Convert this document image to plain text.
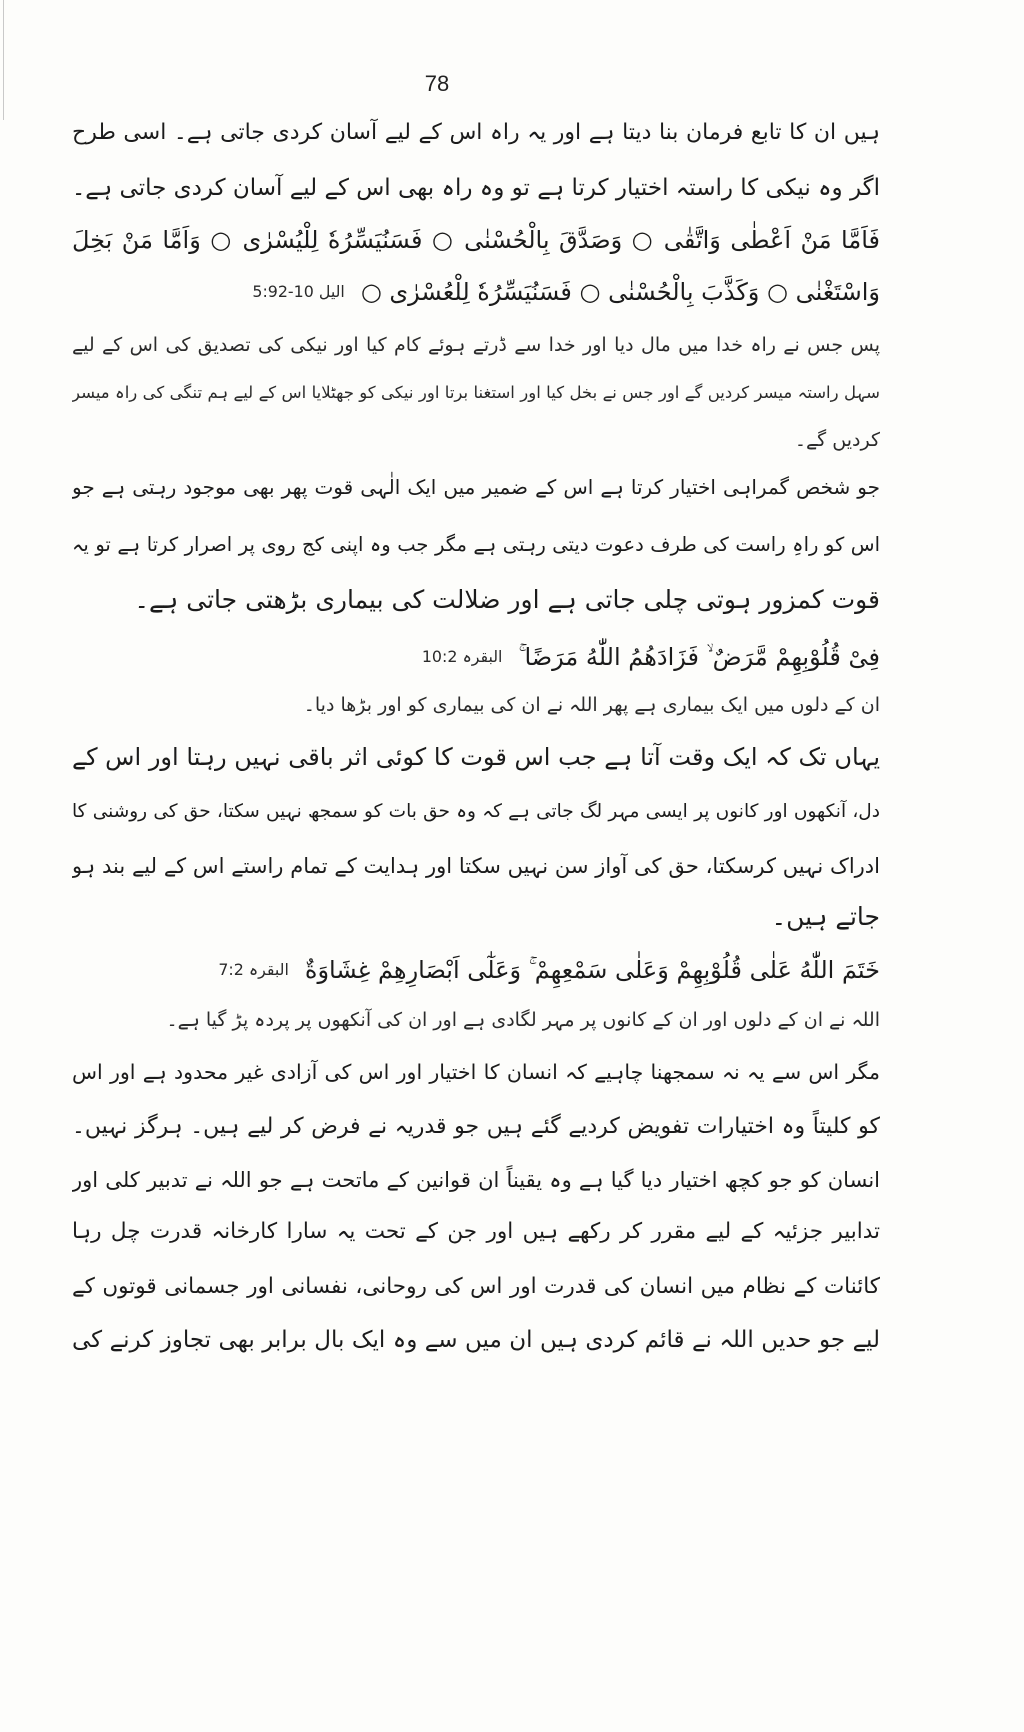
78
ہیں ان کا تابع فرمان بنا دیتا ہے اور یہ راہ اس کے لیے آسان کردی جاتی ہے۔ اسی طرح
اگر وہ نیکی کا راستہ اختیار کرتا ہے تو وہ راہ بھی اس کے لیے آسان کردی جاتی ہے۔
فَاَمَّا مَنْ اَعْطٰی وَاتَّقٰی ○ وَصَدَّقَ بِالْحُسْنٰی ○ فَسَنُیَسِّرُهٗ لِلْیُسْرٰی ○ وَاَمَّا مَنْ بَخِلَ
وَاسْتَغْنٰی ○ وَكَذَّبَ بِالْحُسْنٰی ○ فَسَنُیَسِّرُهٗ لِلْعُسْرٰی ○
الیل 10-5:92
پس جس نے راہ خدا میں مال دیا اور خدا سے ڈرتے ہوئے کام کیا اور نیکی کی تصدیق کی اس کے لیے
سہل راستہ میسر کردیں گے اور جس نے بخل کیا اور استغنا برتا اور نیکی کو جھٹلایا اس کے لیے ہم تنگی کی راہ میسر
کردیں گے۔
جو شخص گمراہی اختیار کرتا ہے اس کے ضمیر میں ایک الٰہی قوت پھر بھی موجود رہتی ہے جو
اس کو راہِ راست کی طرف دعوت دیتی رہتی ہے مگر جب وہ اپنی کج روی پر اصرار کرتا ہے تو یہ
قوت کمزور ہوتی چلی جاتی ہے اور ضلالت کی بیماری بڑھتی جاتی ہے۔
فِیْ قُلُوْبِهِمْ مَّرَضٌ ۙ فَزَادَهُمُ اللّٰهُ مَرَضًا ۚ
البقرہ 10:2
ان کے دلوں میں ایک بیماری ہے پھر اللہ نے ان کی بیماری کو اور بڑھا دیا۔
یہاں تک کہ ایک وقت آتا ہے جب اس قوت کا کوئی اثر باقی نہیں رہتا اور اس کے
دل، آنکھوں اور کانوں پر ایسی مہر لگ جاتی ہے کہ وہ حق بات کو سمجھ نہیں سکتا، حق کی روشنی کا
ادراک نہیں کرسکتا، حق کی آواز سن نہیں سکتا اور ہدایت کے تمام راستے اس کے لیے بند ہو
جاتے ہیں۔
خَتَمَ اللّٰهُ عَلٰی قُلُوْبِهِمْ وَعَلٰی سَمْعِهِمْ ۚ وَعَلٰٓی اَبْصَارِهِمْ غِشَاوَةٌ
البقرہ 7:2
اللہ نے ان کے دلوں اور ان کے کانوں پر مہر لگادی ہے اور ان کی آنکھوں پر پردہ پڑ گیا ہے۔
مگر اس سے یہ نہ سمجھنا چاہیے کہ انسان کا اختیار اور اس کی آزادی غیر محدود ہے اور اس
کو کلیتاً وہ اختیارات تفویض کردیے گئے ہیں جو قدریہ نے فرض کر لیے ہیں۔ ہرگز نہیں۔
انسان کو جو کچھ اختیار دیا گیا ہے وہ یقیناً ان قوانین کے ماتحت ہے جو اللہ نے تدبیر کلی اور
تدابیر جزئیہ کے لیے مقرر کر رکھے ہیں اور جن کے تحت یہ سارا کارخانہ قدرت چل رہا
کائنات کے نظام میں انسان کی قدرت اور اس کی روحانی، نفسانی اور جسمانی قوتوں کے
لیے جو حدیں اللہ نے قائم کردی ہیں ان میں سے وہ ایک بال برابر بھی تجاوز کرنے کی
